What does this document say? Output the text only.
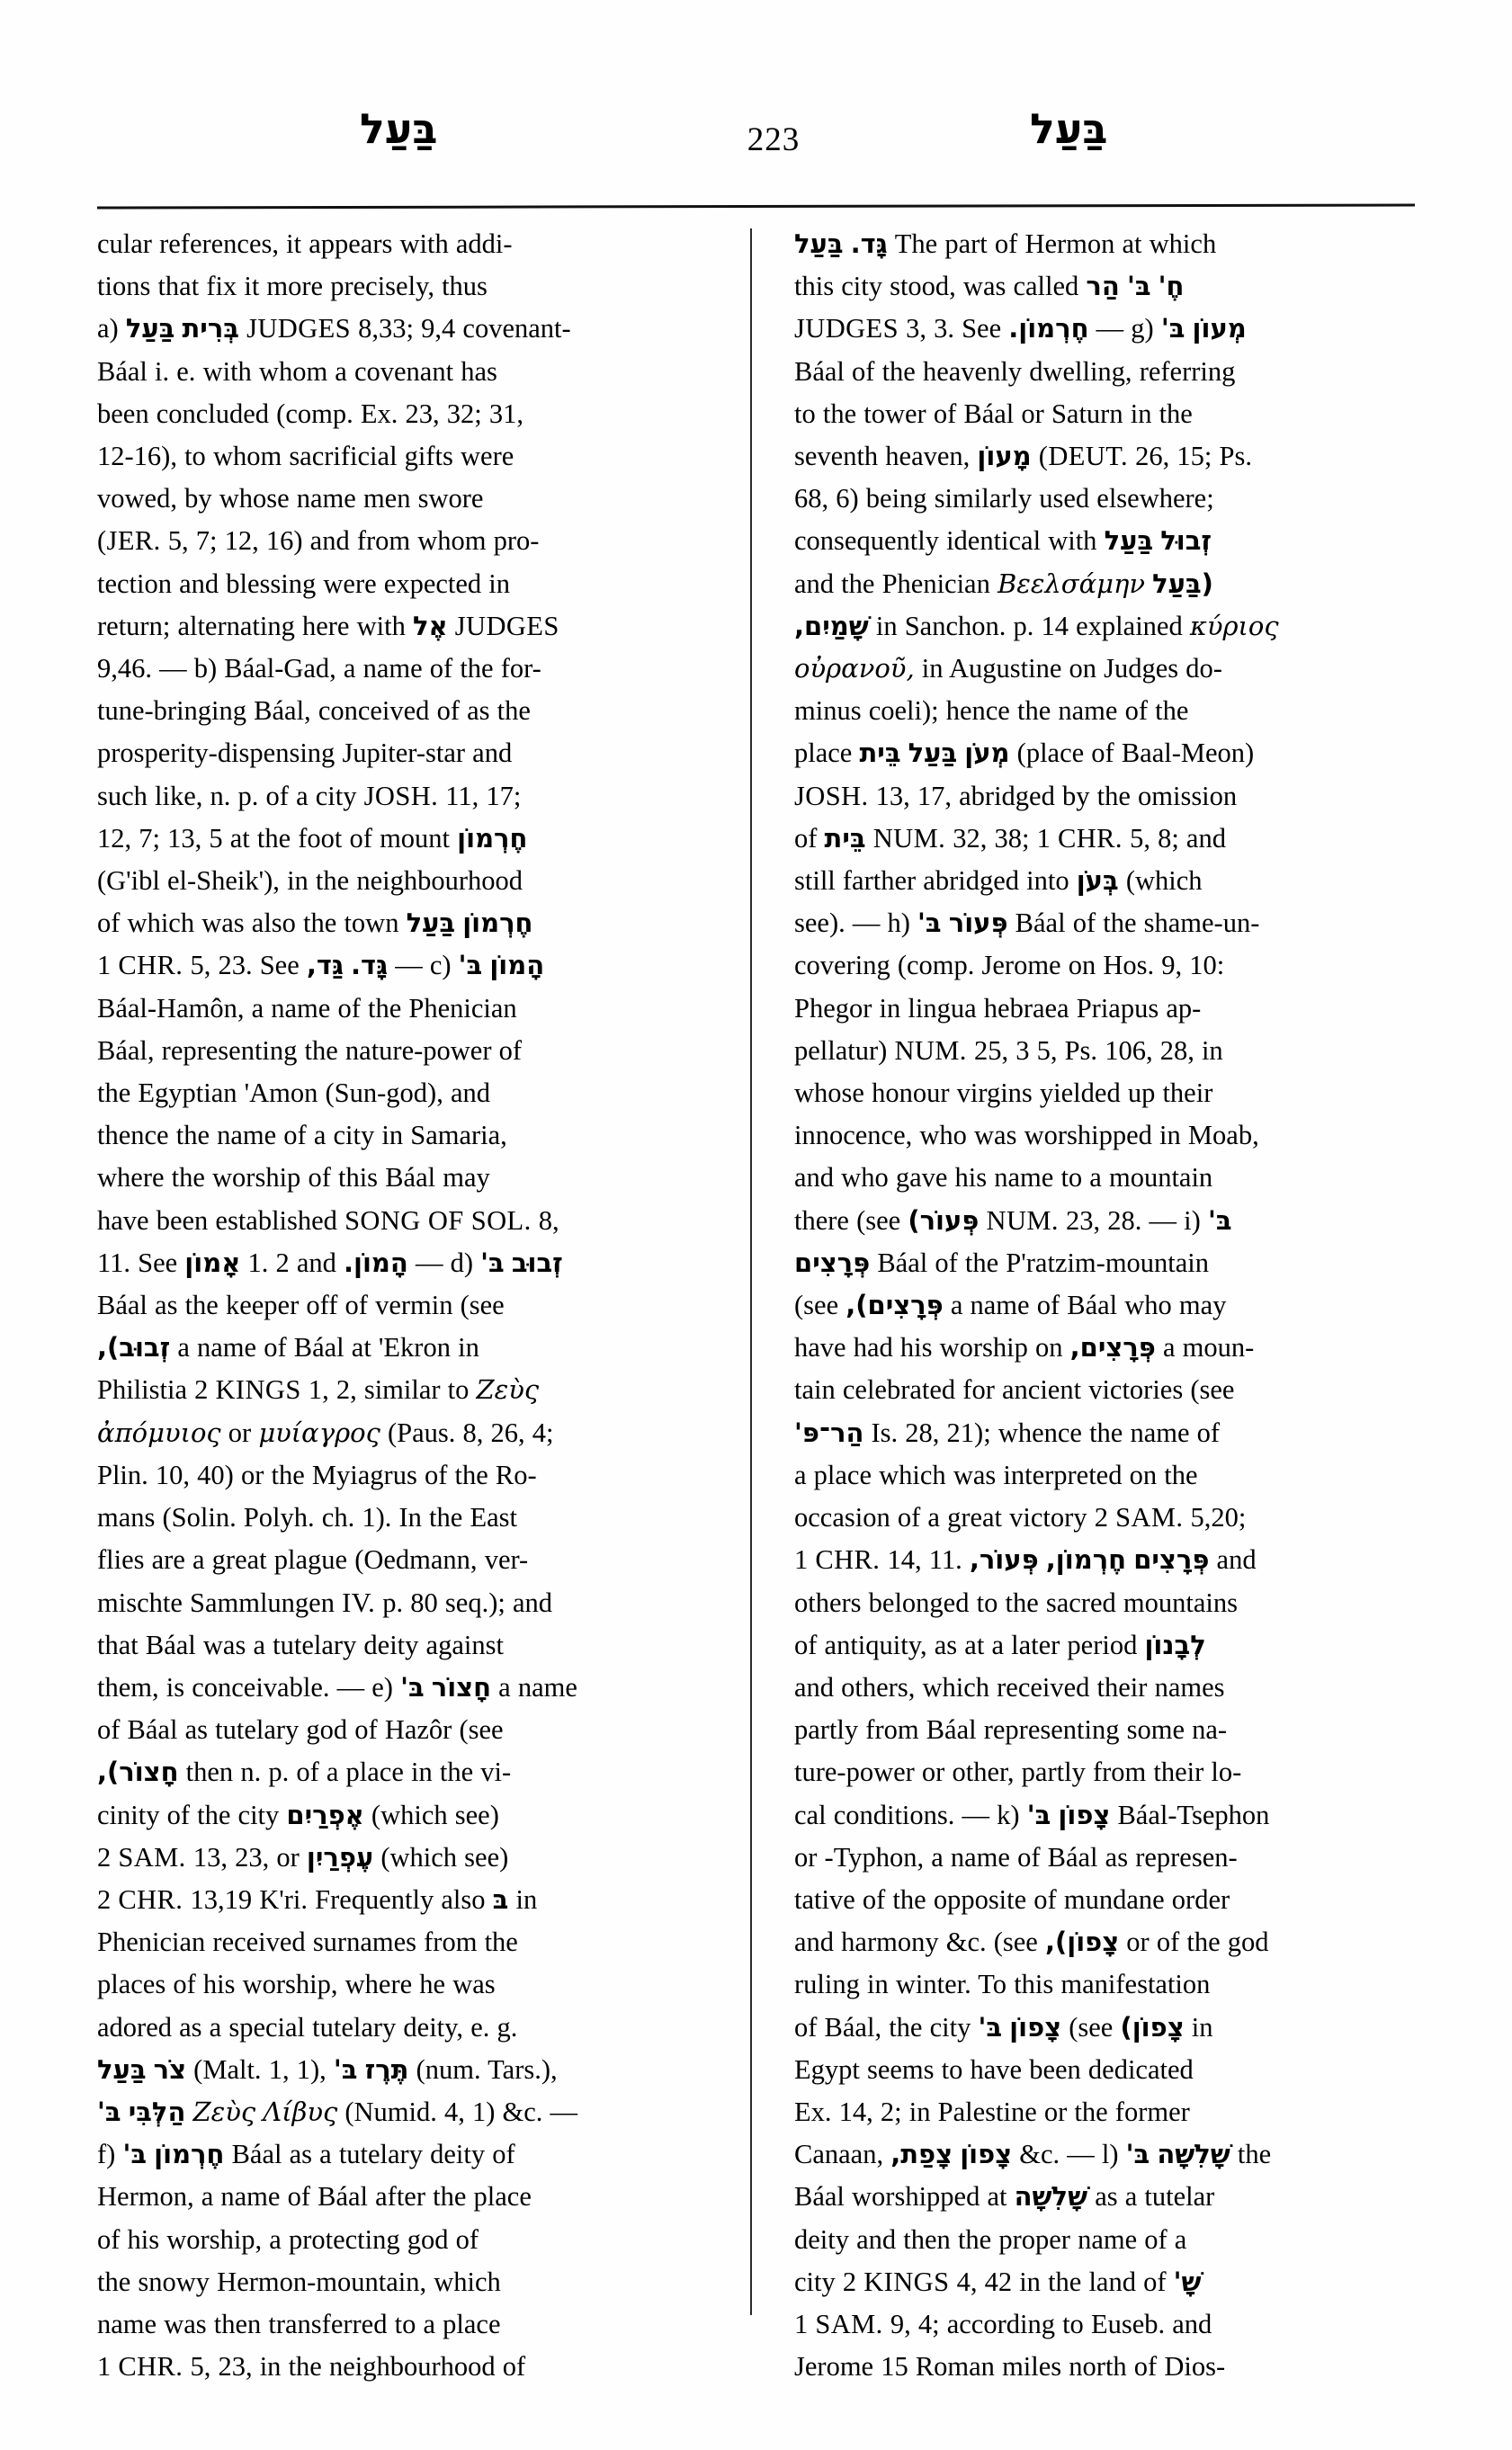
בַּעַל	223	בַּעַל

cular references, it appears with addi-
tions that fix it more precisely, thus
a) בַּעַל בְּרִית JUDGES 8,33; 9,4 covenant-
Báal i. e. with whom a covenant has
been concluded (comp. Ex. 23, 32; 31,
12-16), to whom sacrificial gifts were
vowed, by whose name men swore
(JER. 5, 7; 12, 16) and from whom pro-
tection and blessing were expected in
return; alternating here with אֶל JUDGES
9,46. — b) Báal-Gad, a name of the for-
tune-bringing Báal, conceived of as the
prosperity-dispensing Jupiter-star and
such like, n. p. of a city JOSH. 11, 17;
12, 7; 13, 5 at the foot of mount חֶרְמוֹן
(G'ibl el-Sheik'), in the neighbourhood
of which was also the town בַּעַל חֶרְמוֹן
1 CHR. 5, 23. See גַּד, גָּד. — c) בּ' הָמוֹן
Báal-Hamôn, a name of the Phenician
Báal, representing the nature-power of
the Egyptian 'Amon (Sun-god), and
thence the name of a city in Samaria,
where the worship of this Báal may
have been established SONG OF SOL. 8,
11. See אָמוֹן 1. 2 and הָמוֹן. — d) בּ' זְבוּב
Báal as the keeper off of vermin (see
זְבוּב), a name of Báal at 'Ekron in
Philistia 2 KINGS 1, 2, similar to Ζεὺς
ἀπόμυιος or μυίαγρος (Paus. 8, 26, 4;
Plin. 10, 40) or the Myiagrus of the Ro-
mans (Solin. Polyh. ch. 1). In the East
flies are a great plague (Oedmann, ver-
mischte Sammlungen IV. p. 80 seq.); and
that Báal was a tutelary deity against
them, is conceivable. — e) בּ' חָצוֹר a name
of Báal as tutelary god of Hazôr (see
חָצוֹר), then n. p. of a place in the vi-
cinity of the city אֶפְרַיִם (which see)
2 SAM. 13, 23, or עֶפְרַיִן (which see)
2 CHR. 13,19 K'ri. Frequently also בּ in
Phenician received surnames from the
places of his worship, where he was
adored as a special tutelary deity, e. g.
בַּעַל צֹר (Malt. 1, 1), בּ' תֶּרֶז (num. Tars.),
בּ' הַלְּבִּי Ζεὺς Λίβυς (Numid. 4, 1) &c. —
f) בּ' חֶרְמוֹן Báal as a tutelary deity of
Hermon, a name of Báal after the place
of his worship, a protecting god of
the snowy Hermon-mountain, which
name was then transferred to a place
1 CHR. 5, 23, in the neighbourhood of

בַּעַל גָּד. The part of Hermon at which
this city stood, was called הַר בּ' חֶ'
JUDGES 3, 3. See חֶרְמוֹן. — g) בּ' מְעוֹן
Báal of the heavenly dwelling, referring
to the tower of Báal or Saturn in the
seventh heaven, מָעוֹן (DEUT. 26, 15; Ps.
68, 6) being similarly used elsewhere;
consequently identical with בַּעַל זְבוּל
and the Phenician Βεελσάμην (בַּעַל
שָׁמַיִם, in Sanchon. p. 14 explained κύριος
οὐρανοῦ, in Augustine on Judges do-
minus coeli); hence the name of the
place בֵּית בַּעַל מְעֹן (place of Baal-Meon)
JOSH. 13, 17, abridged by the omission
of בֵּית NUM. 32, 38; 1 CHR. 5, 8; and
still farther abridged into בְּעֹן (which
see). — h) בּ' פְּעוֹר Báal of the shame-un-
covering (comp. Jerome on Hos. 9, 10:
Phegor in lingua hebraea Priapus ap-
pellatur) NUM. 25, 3 5, Ps. 106, 28, in
whose honour virgins yielded up their
innocence, who was worshipped in Moab,
and who gave his name to a mountain
there (see פְּעוֹר) NUM. 23, 28. — i) בּ'
פְּרָצִים Báal of the P'ratzim-mountain
(see פְּרָצִים), a name of Báal who may
have had his worship on פְּרָצִים, a moun-
tain celebrated for ancient victories (see
הַר־פּ' Is. 28, 21); whence the name of
a place which was interpreted on the
occasion of a great victory 2 SAM. 5,20;
1 CHR. 14, 11. פְּעוֹר, חֶרְמוֹן, פְּרָצִים and
others belonged to the sacred mountains
of antiquity, as at a later period לְבָנוֹן
and others, which received their names
partly from Báal representing some na-
ture-power or other, partly from their lo-
cal conditions. — k) בּ' צָפוֹן Báal-Tsephon
or -Typhon, a name of Báal as represen-
tative of the opposite of mundane order
and harmony &c. (see צָפוֹן), or of the god
ruling in winter. To this manifestation
of Báal, the city בּ' צָפוֹן (see צָפוֹן) in
Egypt seems to have been dedicated
Ex. 14, 2; in Palestine or the former
Canaan, צָפַת, צָפוֹן &c. — l) בּ' שָׁלִשָׁה the
Báal worshipped at שָׁלִשָׁה as a tutelar
deity and then the proper name of a
city 2 KINGS 4, 42 in the land of שָׁ'
1 SAM. 9, 4; according to Euseb. and
Jerome 15 Roman miles north of Dios-
